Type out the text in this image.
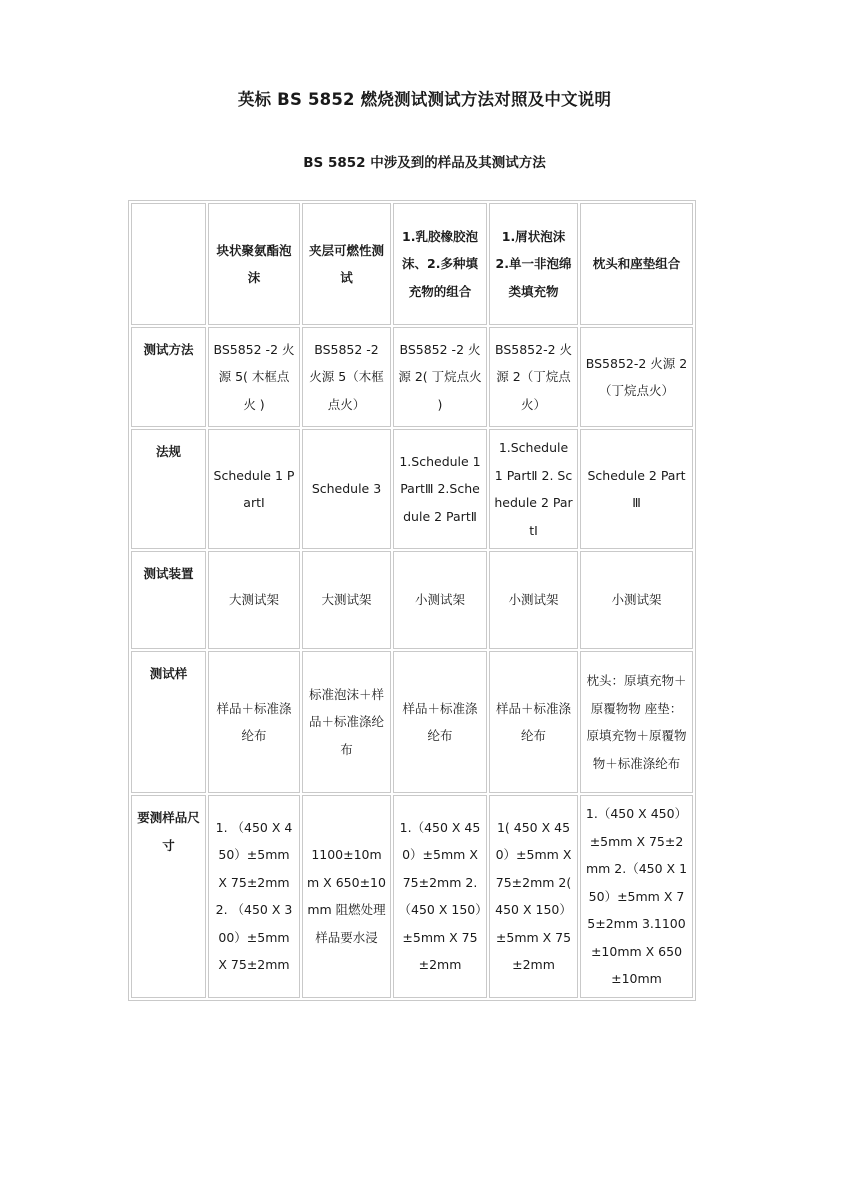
英标 BS 5852 燃烧测试测试方法对照及中文说明
BS 5852 中涉及到的样品及其测试方法
	块状聚氨酯泡沫	夹层可燃性测试	1.乳胶橡胶泡沫、2.多种填充物的组合	1.屑状泡沫 2.单一非泡绵类填充物	枕头和座垫组合
测试方法	BS5852 -2 火源 5( 木框点火 )	BS5852 -2 火源 5（木框点火）	BS5852 -2 火源 2( 丁烷点火 )	BS5852-2 火源 2（丁烷点火）	BS5852-2 火源 2（丁烷点火）
法规	Schedule 1 PartⅠ	Schedule 3	1.Schedule 1 PartⅢ 2.Schedule 2 PartⅡ	1.Schedule 1 PartⅡ 2. Schedule 2 PartⅠ	Schedule 2 PartⅢ
测试装置	大测试架	大测试架	小测试架	小测试架	小测试架
测试样	样品＋标准涤纶布	标准泡沫＋样品＋标准涤纶布	样品＋标准涤纶布	样品＋标准涤纶布	枕头：原填充物＋原覆物物 座垫：原填充物＋原覆物物＋标准涤纶布
要测样品尺寸	1. （450 X 450）±5mm X 75±2mm 2. （450 X 300）±5mm X 75±2mm	1100±10mm X 650±10mm 阻燃处理样品要水浸	1.（450 X 450）±5mm X 75±2mm 2. （450 X 150）±5mm X 75±2mm	1( 450 X 450）±5mm X 75±2mm 2( 450 X 150）±5mm X 75±2mm	1.（450 X 450）±5mm X 75±2mm 2.（450 X 150）±5mm X 75±2mm 3.1100±10mm X 650±10mm
